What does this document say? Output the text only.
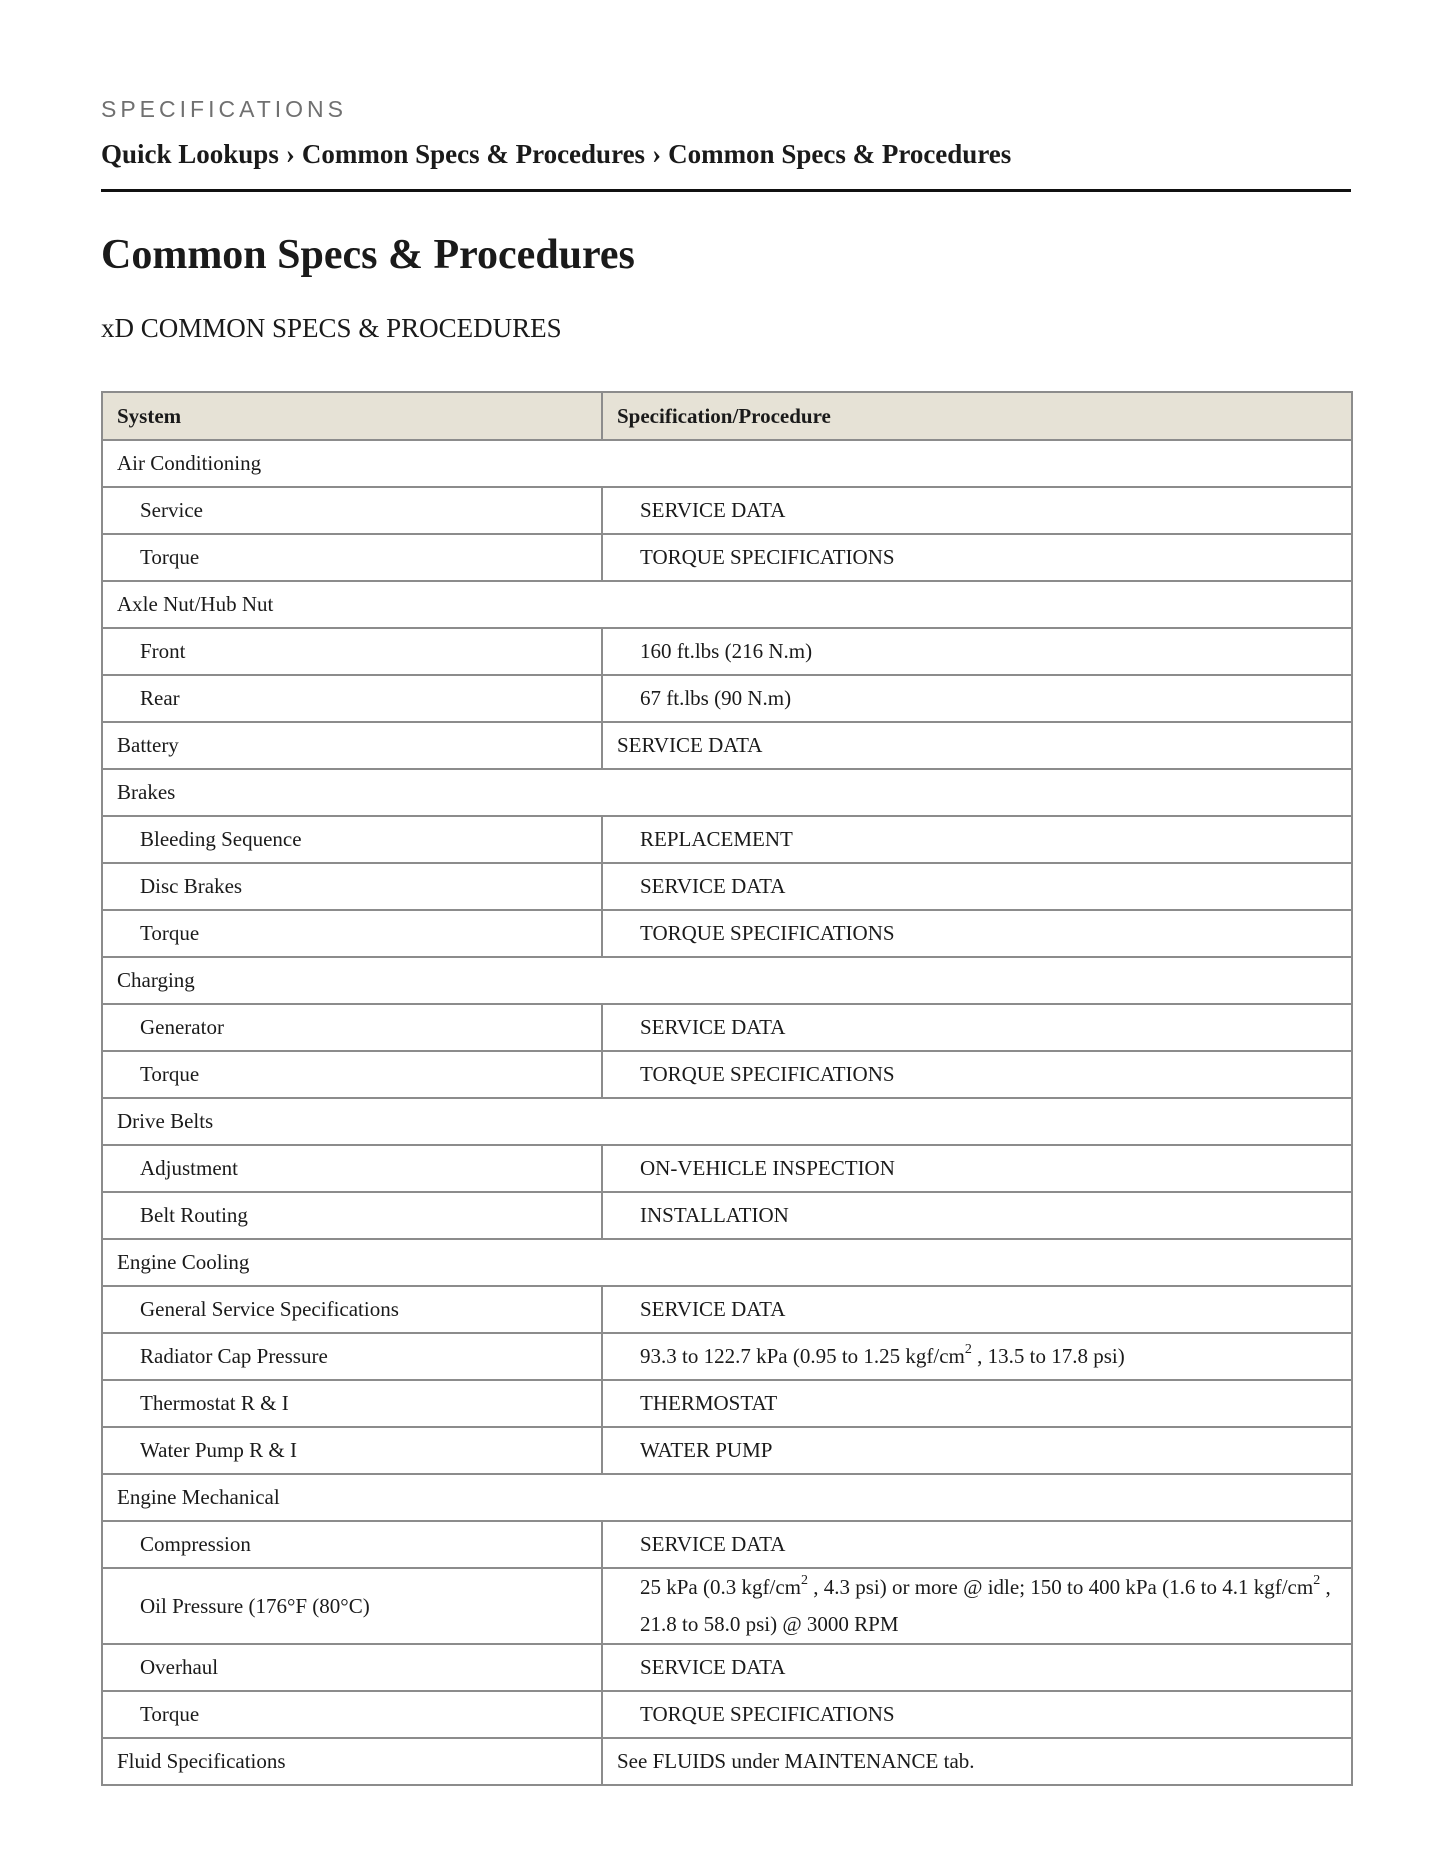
SPECIFICATIONS
Quick Lookups › Common Specs & Procedures › Common Specs & Procedures
Common Specs & Procedures
xD COMMON SPECS & PROCEDURES
System	Specification/Procedure
Air Conditioning	
Service	SERVICE DATA
Torque	TORQUE SPECIFICATIONS
Axle Nut/Hub Nut	
Front	160 ft.lbs (216 N.m)
Rear	67 ft.lbs (90 N.m)
Battery	SERVICE DATA
Brakes	
Bleeding Sequence	REPLACEMENT
Disc Brakes	SERVICE DATA
Torque	TORQUE SPECIFICATIONS
Charging	
Generator	SERVICE DATA
Torque	TORQUE SPECIFICATIONS
Drive Belts	
Adjustment	ON-VEHICLE INSPECTION
Belt Routing	INSTALLATION
Engine Cooling	
General Service Specifications	SERVICE DATA
Radiator Cap Pressure	93.3 to 122.7 kPa (0.95 to 1.25 kgf/$cm^2$ , 13.5 to 17.8 psi)
Thermostat R & I	THERMOSTAT
Water Pump R & I	WATER PUMP
Engine Mechanical	
Compression	SERVICE DATA
Oil Pressure (176°F (80°C)	25 kPa (0.3 kgf/$cm^2$ , 4.3 psi) or more @ idle; 150 to 400 kPa (1.6 to 4.1 kgf/$cm^2$ , 21.8 to 58.0 psi) @ 3000 RPM
Overhaul	SERVICE DATA
Torque	TORQUE SPECIFICATIONS
Fluid Specifications	See FLUIDS under MAINTENANCE tab.
